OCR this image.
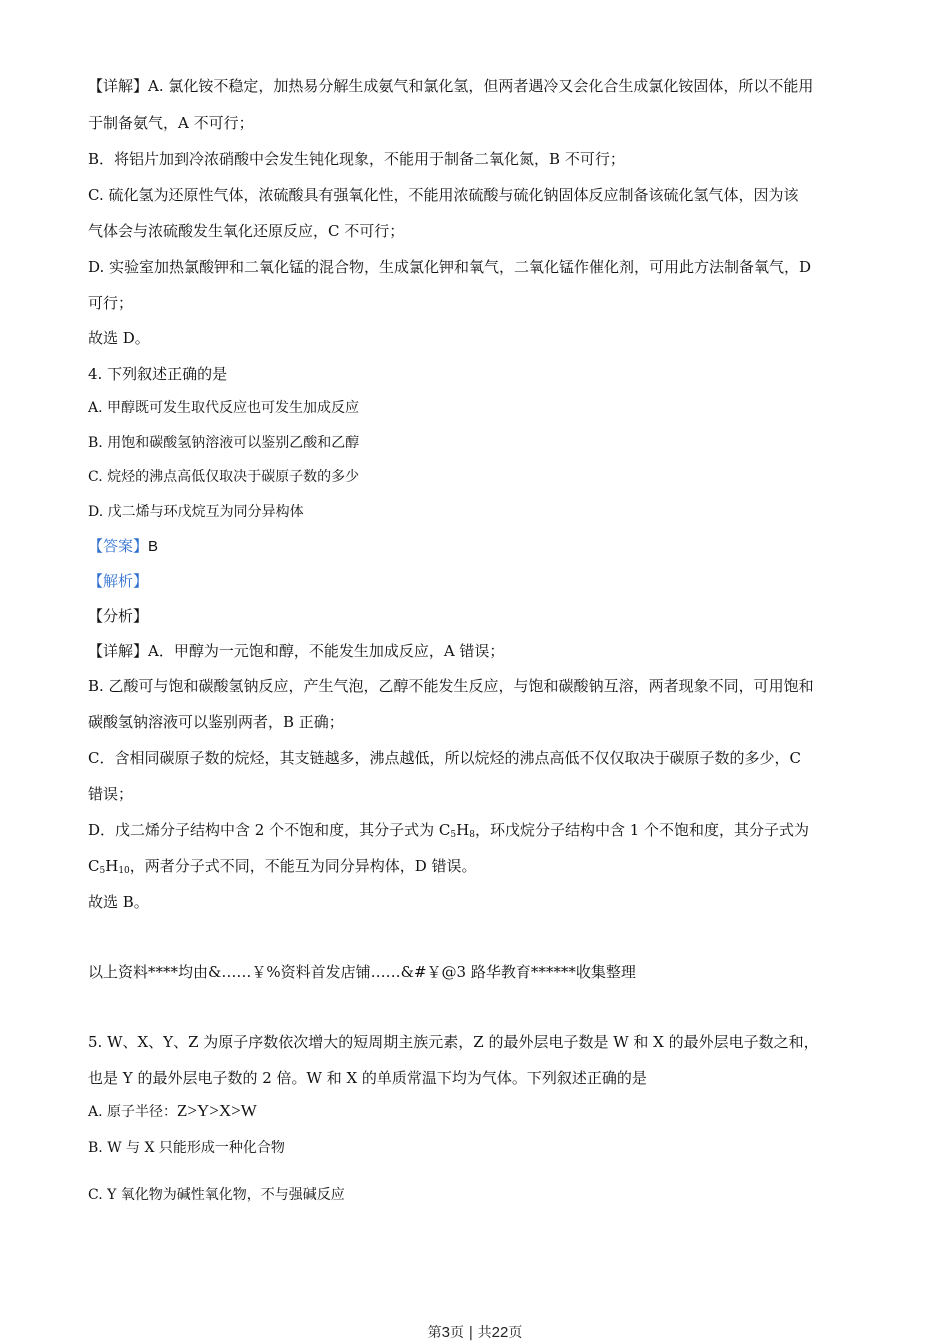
【详解】A. 氯化铵不稳定，加热易分解生成氨气和氯化氢，但两者遇冷又会化合生成氯化铵固体，所以不能用
于制备氨气，A 不可行；
B．将铝片加到冷浓硝酸中会发生钝化现象，不能用于制备二氧化氮，B 不可行；
C. 硫化氢为还原性气体，浓硫酸具有强氧化性，不能用浓硫酸与硫化钠固体反应制备该硫化氢气体，因为该
气体会与浓硫酸发生氧化还原反应，C 不可行；
D. 实验室加热氯酸钾和二氧化锰的混合物，生成氯化钾和氧气，二氧化锰作催化剂，可用此方法制备氧气，D
可行；
故选 D。
4. 下列叙述正确的是
A. 甲醇既可发生取代反应也可发生加成反应
B. 用饱和碳酸氢钠溶液可以鉴别乙酸和乙醇
C. 烷烃的沸点高低仅取决于碳原子数的多少
D. 戊二烯与环戊烷互为同分异构体
【答案】B
【解析】
【分析】
【详解】A．甲醇为一元饱和醇，不能发生加成反应，A 错误；
B. 乙酸可与饱和碳酸氢钠反应，产生气泡，乙醇不能发生反应，与饱和碳酸钠互溶，两者现象不同，可用饱和
碳酸氢钠溶液可以鉴别两者，B 正确；
C．含相同碳原子数的烷烃，其支链越多，沸点越低，所以烷烃的沸点高低不仅仅取决于碳原子数的多少，C
错误；
D．戊二烯分子结构中含 2 个不饱和度，其分子式为 $C_5H_8$，环戊烷分子结构中含 1 个不饱和度，其分子式为
$C_5H_{10}$，两者分子式不同，不能互为同分异构体，D 错误。
故选 B。
以上资料****均由&……￥%资料首发店铺……&#￥@3 路华教育******收集整理
5. W、X、Y、Z 为原子序数依次增大的短周期主族元素，Z 的最外层电子数是 W 和 X 的最外层电子数之和，
也是 Y 的最外层电子数的 2 倍。W 和 X 的单质常温下均为气体。下列叙述正确的是
A. 原子半径：Z>Y>X>W
B. W 与 X 只能形成一种化合物
C. Y 氧化物为碱性氧化物，不与强碱反应
第3页 | 共22页
